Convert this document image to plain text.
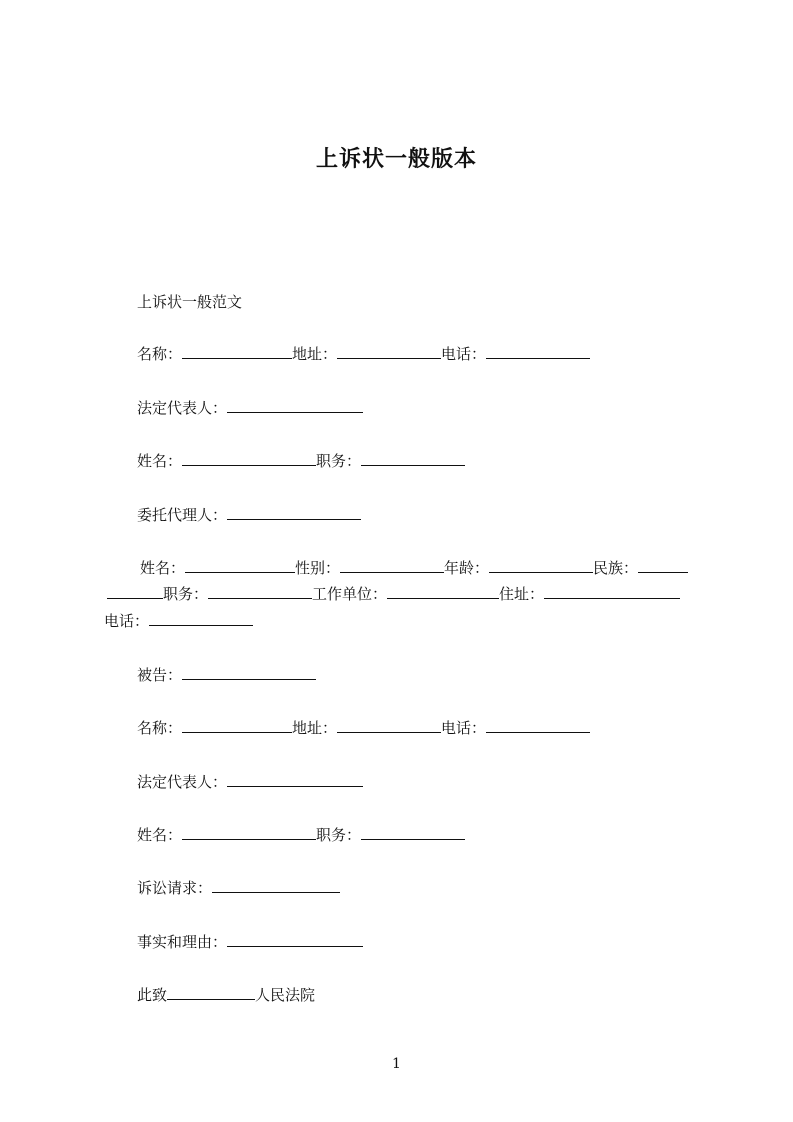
上诉状一般版本
上诉状一般范文
名称：	地址：	电话：
法定代表人：
姓名：	职务：
委托代理人：
姓名：	性别：	年龄：	民族：
职务：	工作单位：	住址：
电话：
被告：
名称：	地址：	电话：
法定代表人：
姓名：	职务：
诉讼请求：
事实和理由：
此致	人民法院
1
